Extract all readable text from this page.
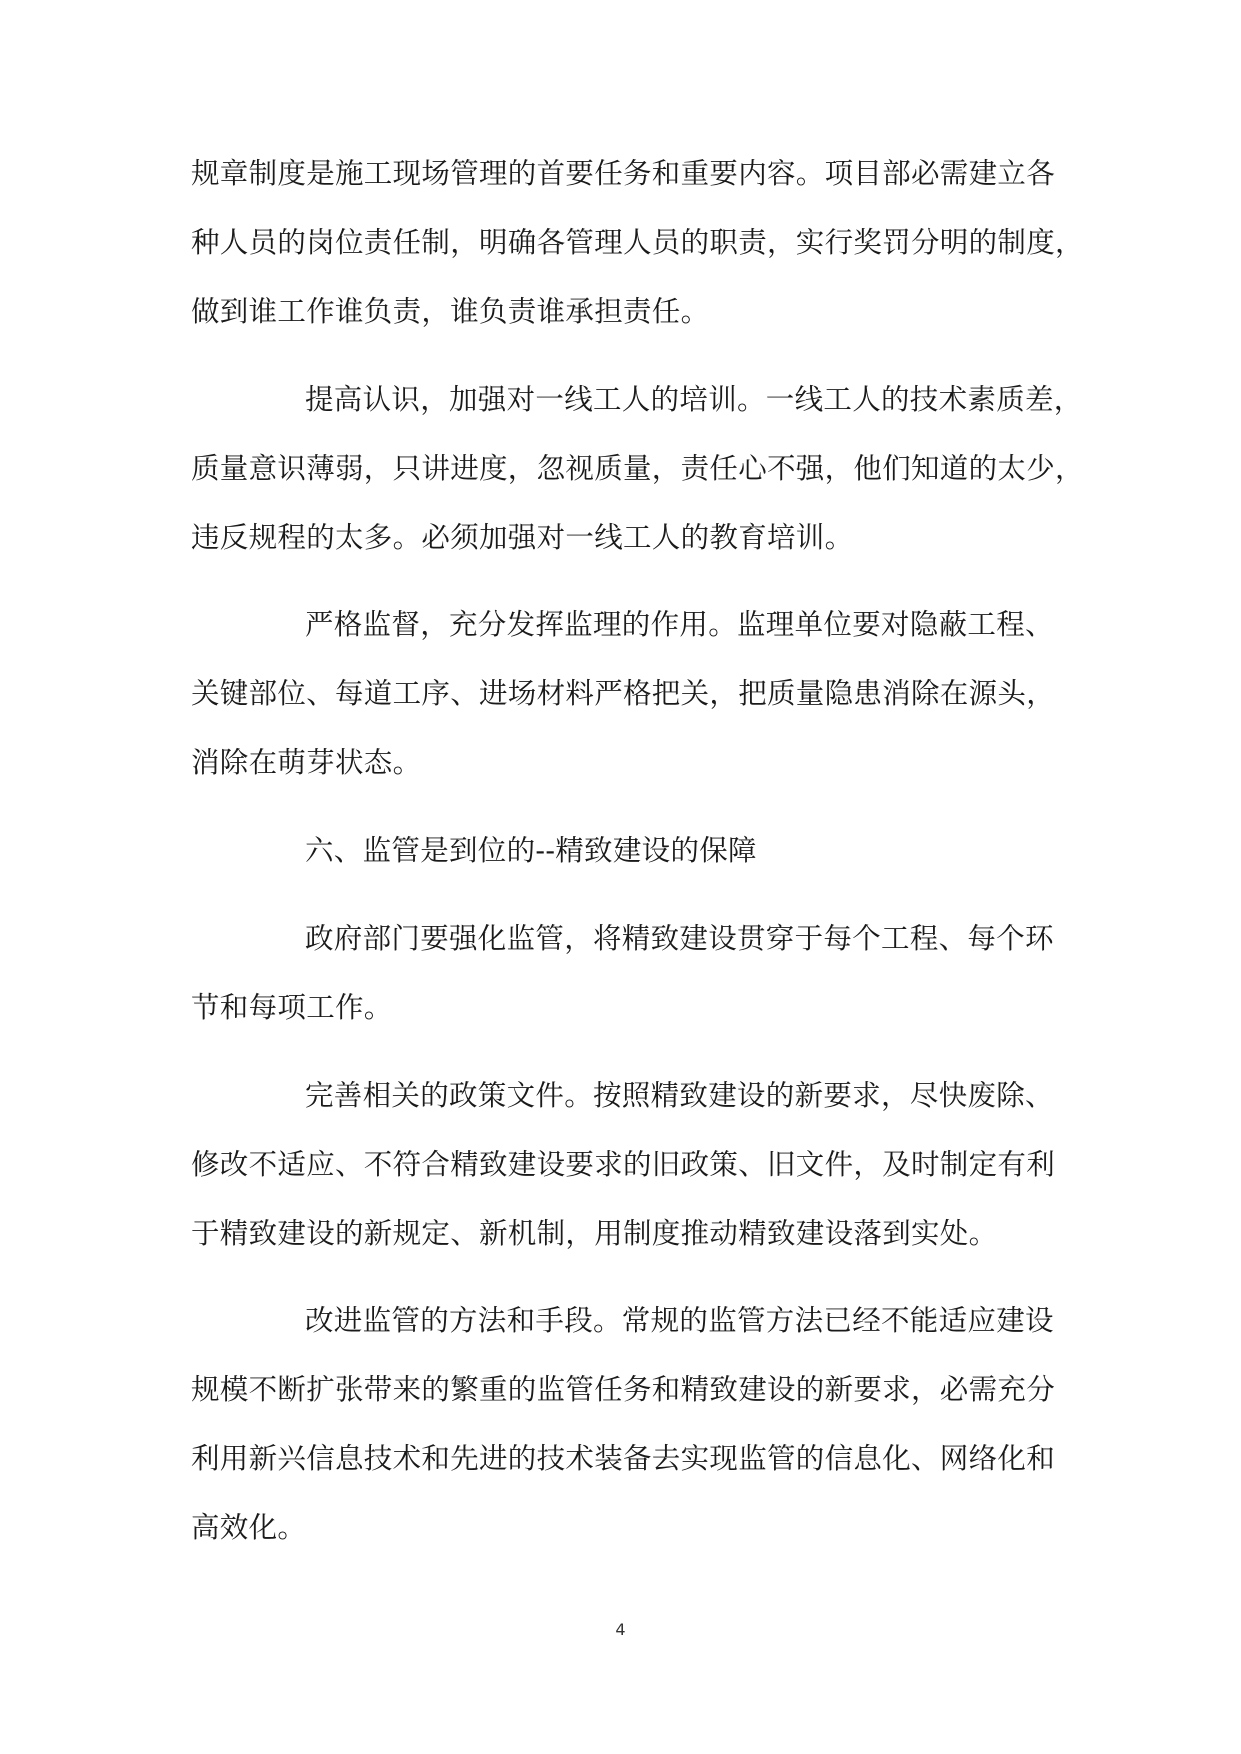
规章制度是施工现场管理的首要任务和重要内容。项目部必需建立各
种人员的岗位责任制，明确各管理人员的职责，实行奖罚分明的制度，
做到谁工作谁负责，谁负责谁承担责任。
提高认识，加强对一线工人的培训。一线工人的技术素质差，
质量意识薄弱，只讲进度，忽视质量，责任心不强，他们知道的太少，
违反规程的太多。必须加强对一线工人的教育培训。
严格监督，充分发挥监理的作用。监理单位要对隐蔽工程、
关键部位、每道工序、进场材料严格把关，把质量隐患消除在源头，
消除在萌芽状态。
六、监管是到位的--精致建设的保障
政府部门要强化监管，将精致建设贯穿于每个工程、每个环
节和每项工作。
完善相关的政策文件。按照精致建设的新要求，尽快废除、
修改不适应、不符合精致建设要求的旧政策、旧文件，及时制定有利
于精致建设的新规定、新机制，用制度推动精致建设落到实处。
改进监管的方法和手段。常规的监管方法已经不能适应建设
规模不断扩张带来的繁重的监管任务和精致建设的新要求，必需充分
利用新兴信息技术和先进的技术装备去实现监管的信息化、网络化和
高效化。
4
